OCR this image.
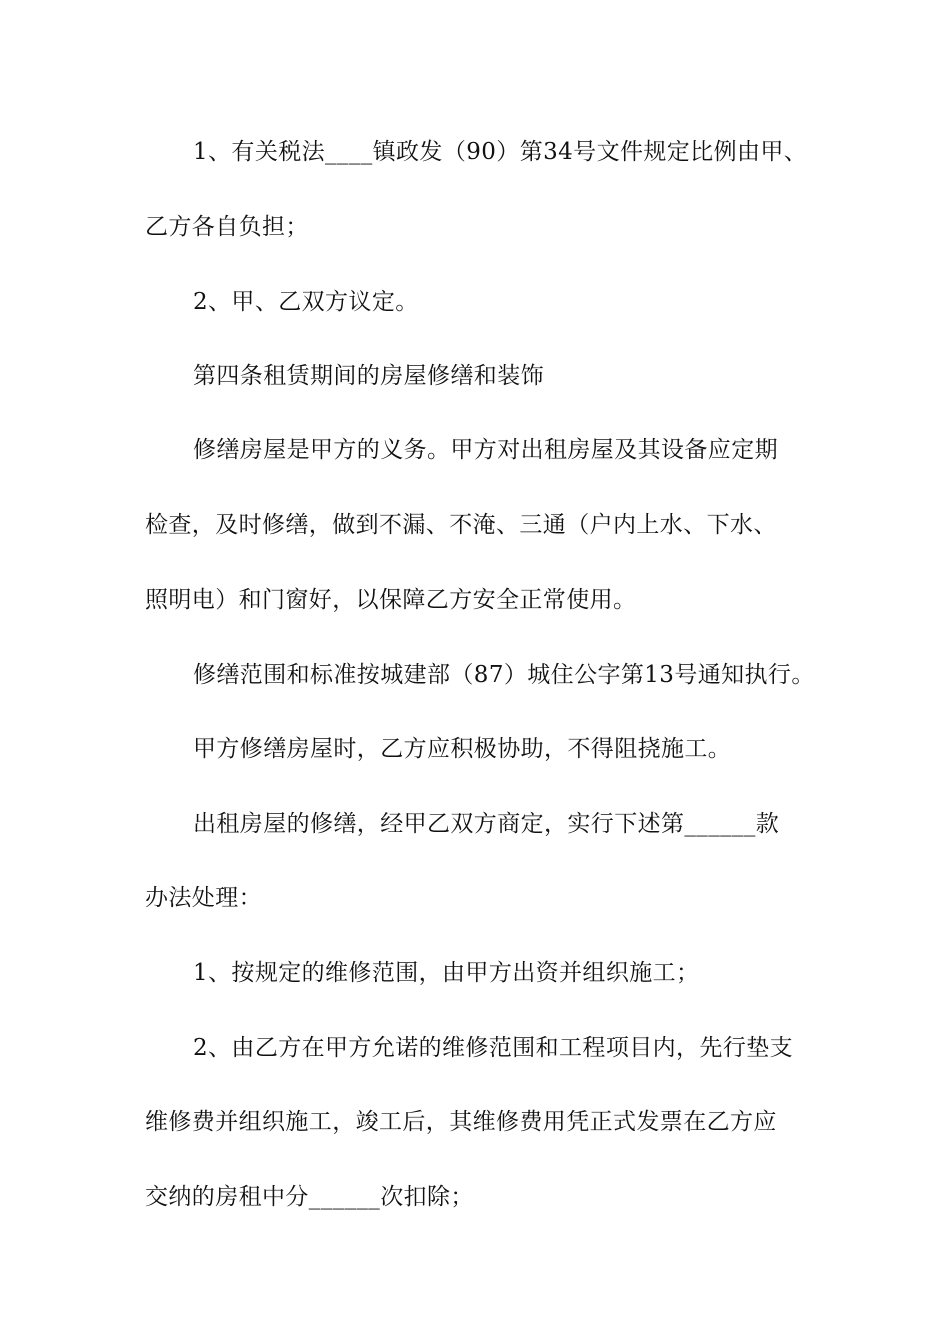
1、有关税法____镇政发（90）第34号文件规定比例由甲、
乙方各自负担；
2、甲、乙双方议定。
第四条租赁期间的房屋修缮和装饰
修缮房屋是甲方的义务。甲方对出租房屋及其设备应定期
检查，及时修缮，做到不漏、不淹、三通（户内上水、下水、
照明电）和门窗好，以保障乙方安全正常使用。
修缮范围和标准按城建部（87）城住公字第13号通知执行。
甲方修缮房屋时，乙方应积极协助，不得阻挠施工。
出租房屋的修缮，经甲乙双方商定，实行下述第______款
办法处理：
1、按规定的维修范围，由甲方出资并组织施工；
2、由乙方在甲方允诺的维修范围和工程项目内，先行垫支
维修费并组织施工，竣工后，其维修费用凭正式发票在乙方应
交纳的房租中分______次扣除；
